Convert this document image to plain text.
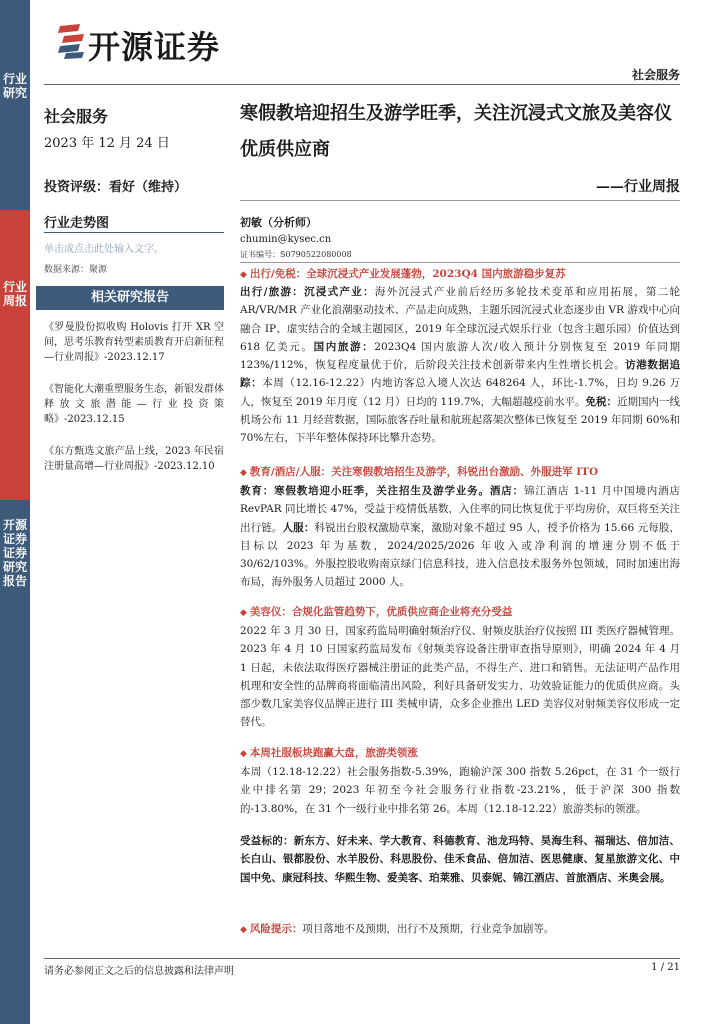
行业研究
行业周报
开源证券 证券研究报告
开源证券
社会服务
社会服务
2023 年 12 月 24 日
投资评级：看好（维持）
行业走势图
单击或点击此处输入文字。
数据来源：聚源
相关研究报告
《罗曼股份拟收购 Holovis 打开 XR 空间，思考乐教育转型素质教育开启新征程—行业周报》-2023.12.17
《智能化大潮重塑服务生态，新银发群体释放文旅潜能—行业投资策略》-2023.12.15
《东方甄选文旅产品上线，2023 年民宿注册量高增—行业周报》-2023.12.10
寒假教培迎招生及游学旺季，关注沉浸式文旅及美容仪优质供应商
——行业周报
初敏（分析师）
chumin@kysec.cn
证书编号：S0790522080008
◆ 出行/免税：全球沉浸式产业发展蓬勃，2023Q4 国内旅游稳步复苏
出行/旅游：沉浸式产业：海外沉浸式产业前后经历多轮技术变革和应用拓展，第二轮 AR/VR/MR 产业化浪潮驱动技术、产品走向成熟，主题乐园沉浸式业态逐步由 VR 游戏中心向融合 IP、虚实结合的全域主题园区，2019 年全球沉浸式娱乐行业（包含主题乐园）价值达到 618 亿美元。国内旅游：2023Q4 国内旅游人次/收入预计分别恢复至 2019 年同期 123%/112%，恢复程度量优于价，后阶段关注技术创新带来内生性增长机会。访港数据追踪：本周（12.16-12.22）内地访客总入境人次达 648264 人，环比-1.7%，日均 9.26 万人，恢复至 2019 年月度（12 月）日均的 119.7%，大幅超越疫前水平。免税：近期国内一线机场公布 11 月经营数据，国际旅客吞吐量和航班起落架次整体已恢复至 2019 年同期 60%和 70%左右，下半年整体保持环比攀升态势。
◆ 教育/酒店/人服：关注寒假教培招生及游学，科锐出台激励、外服进军 ITO
教育：寒假教培迎小旺季，关注招生及游学业务。酒店：锦江酒店 1-11 月中国境内酒店 RevPAR 同比增长 47%，受益于疫情低基数，入住率的同比恢复优于平均房价，双巨将至关注出行链。人服：科锐出台股权激励草案，激励对象不超过 95 人，授予价格为 15.66 元每股，目标以 2023 年为基数，2024/2025/2026 年收入或净利润的增速分别不低于 30/62/103%。外服控股收购南京绿门信息科技，进入信息技术服务外包领域，同时加速出海布局，海外服务人员超过 2000 人。
◆ 美容仪：合规化监管趋势下，优质供应商企业将充分受益
2022 年 3 月 30 日，国家药监局明确射频治疗仪、射频皮肤治疗仪按照 III 类医疗器械管理。2023 年 4 月 10 日国家药监局发布《射频美容设备注册审查指导原则》，明确 2024 年 4 月 1 日起，未依法取得医疗器械注册证的此类产品，不得生产、进口和销售。无法证明产品作用机理和安全性的品牌商将面临清出风险，利好具备研发实力、功效验证能力的优质供应商。头部少数几家美容仪品牌正进行 III 类械申请，众多企业推出 LED 美容仪对射频美容仪形成一定替代。
◆ 本周社服板块跑赢大盘，旅游类领涨
本周（12.18-12.22）社会服务指数-5.39%，跑输沪深 300 指数 5.26pct，在 31 个一级行业中排名第 29；2023 年初至今社会服务行业指数-23.21%，低于沪深 300 指数的-13.80%，在 31 个一级行业中排名第 26。本周（12.18-12.22）旅游类标的领涨。
受益标的：新东方、好未来、学大教育、科德教育、池龙玛特、昊海生科、福瑞达、倍加洁、长白山、银都股份、水羊股份、科思股份、佳禾食品、倍加洁、医思健康、复星旅游文化、中国中免、康冠科技、华熙生物、爱美客、珀莱雅、贝泰妮、锦江酒店、首旅酒店、米奥会展。
◆ 风险提示：项目落地不及预期，出行不及预期，行业竞争加剧等。
请务必参阅正文之后的信息披露和法律声明	1 / 21
